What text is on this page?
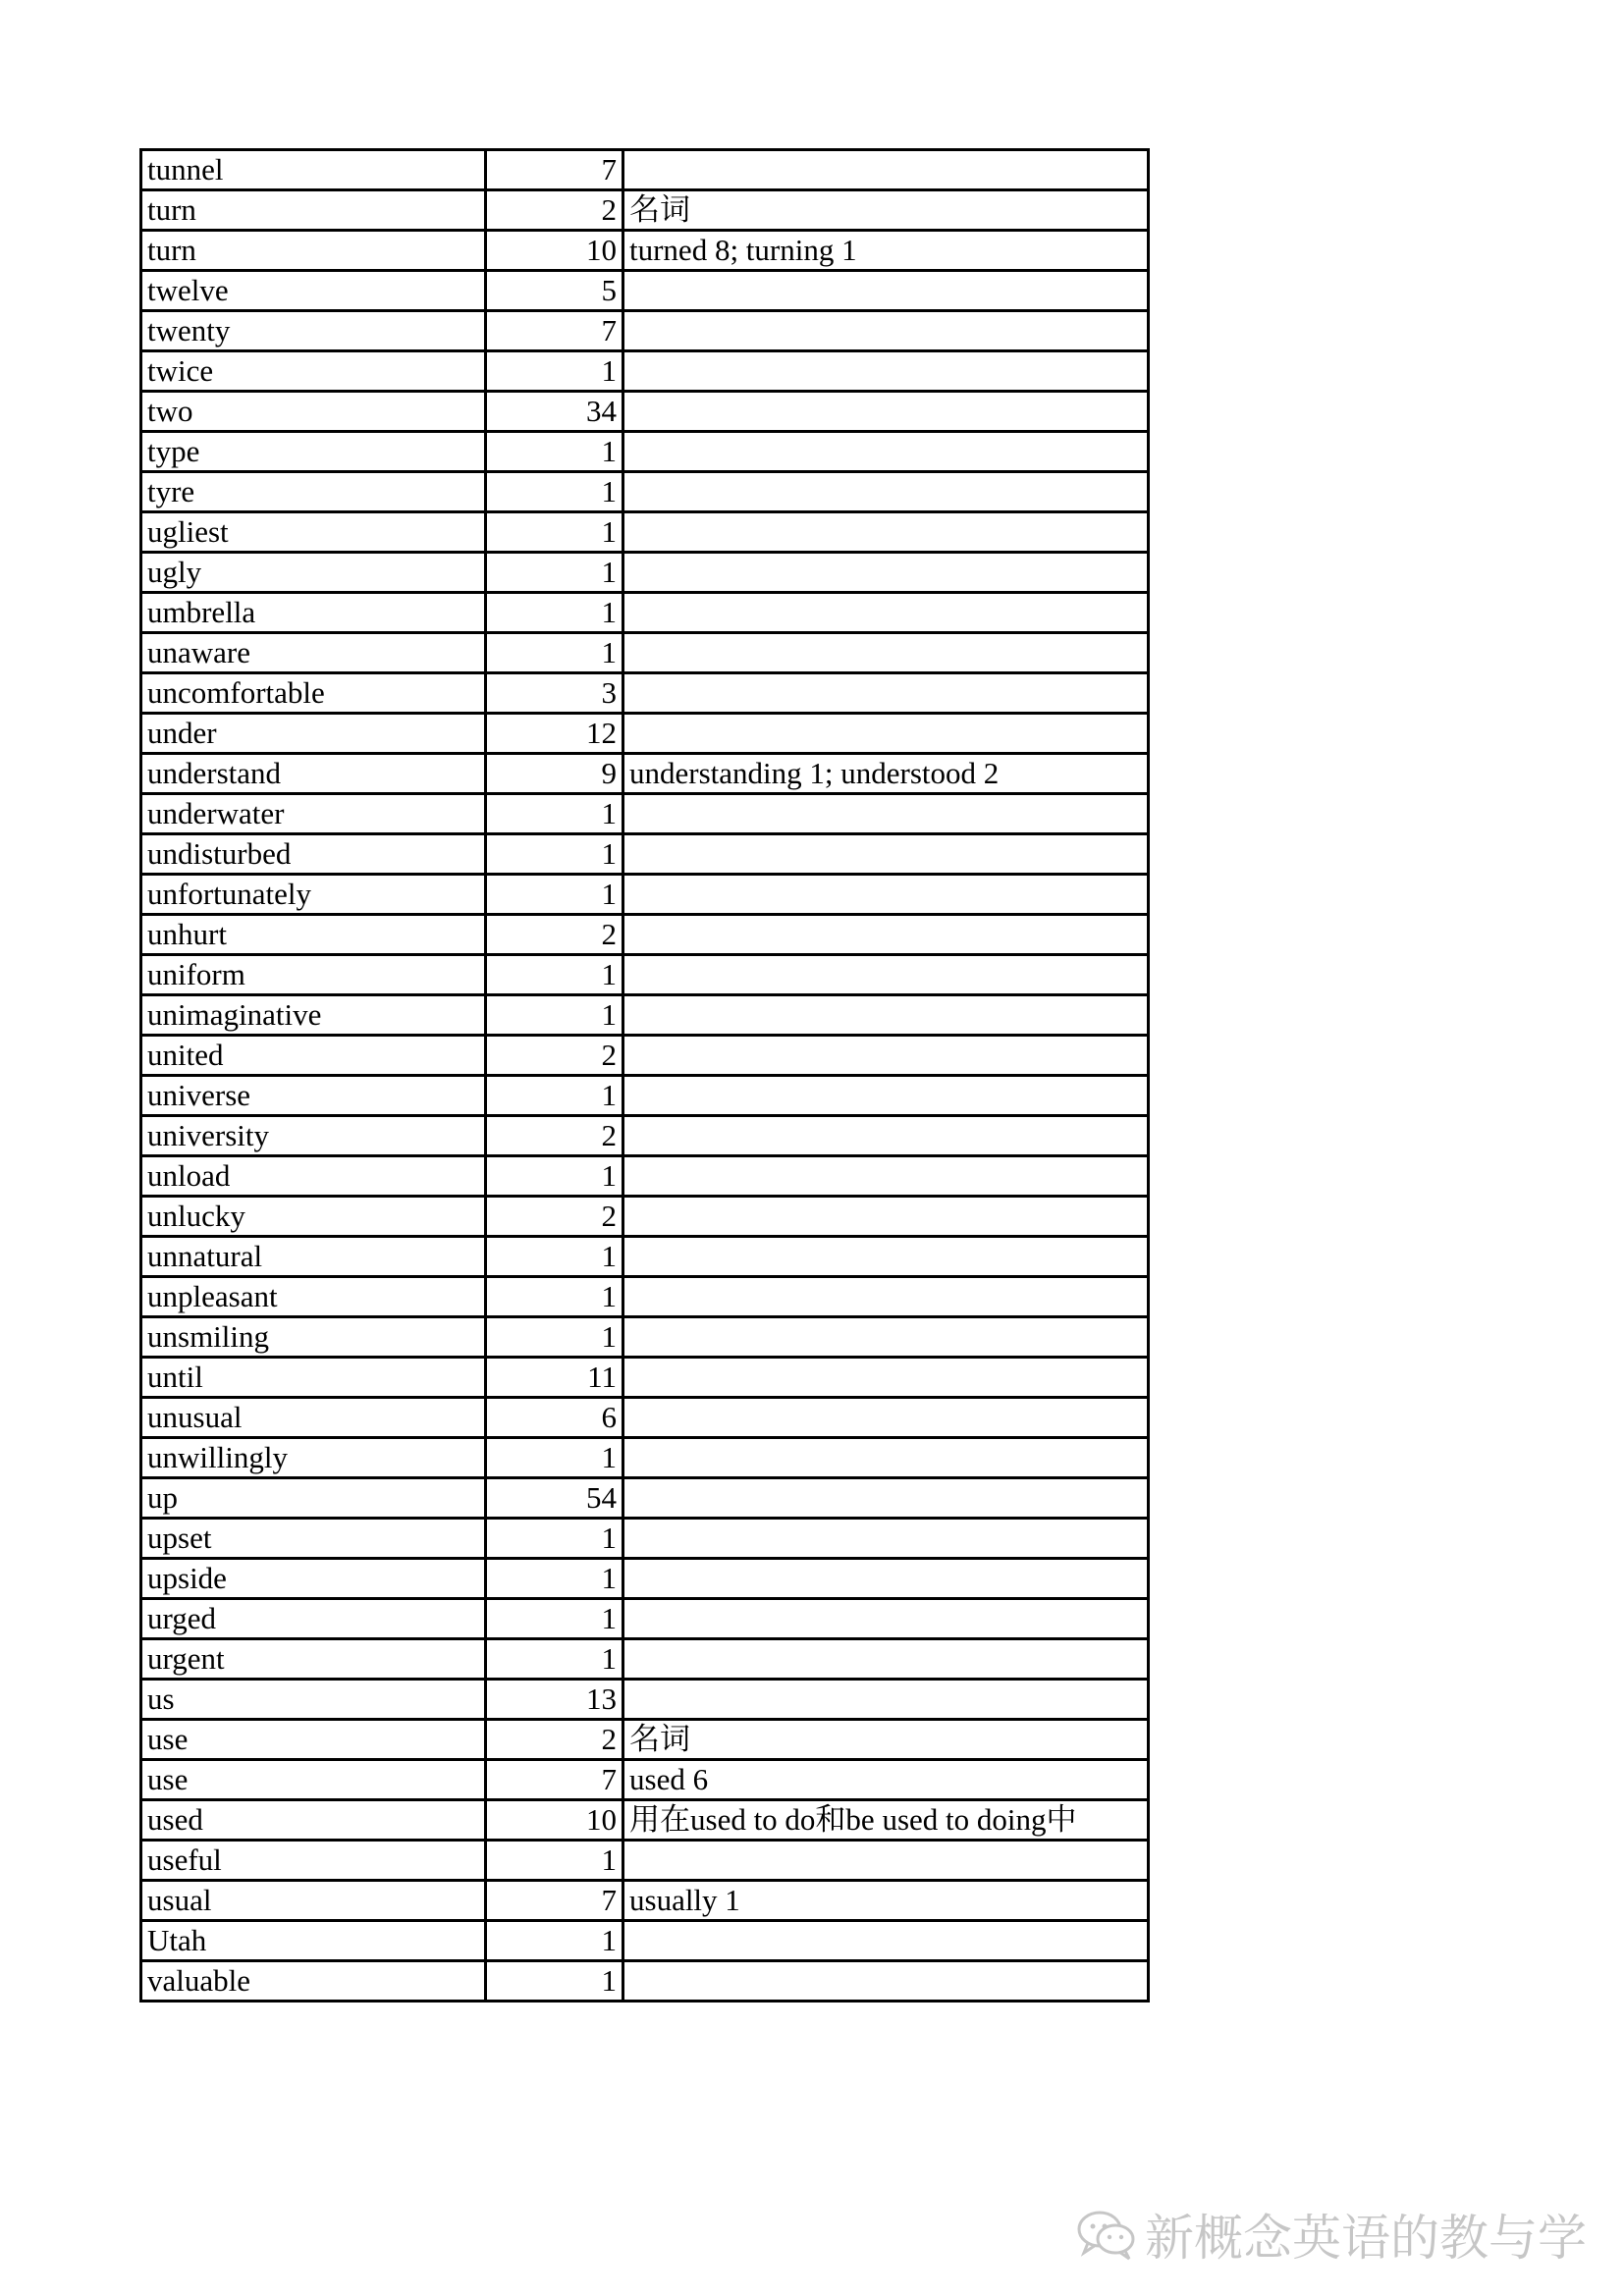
tunnel	7	
turn	2	名词
turn	10	turned 8; turning 1
twelve	5	
twenty	7	
twice	1	
two	34	
type	1	
tyre	1	
ugliest	1	
ugly	1	
umbrella	1	
unaware	1	
uncomfortable	3	
under	12	
understand	9	understanding 1; understood 2
underwater	1	
undisturbed	1	
unfortunately	1	
unhurt	2	
uniform	1	
unimaginative	1	
united	2	
universe	1	
university	2	
unload	1	
unlucky	2	
unnatural	1	
unpleasant	1	
unsmiling	1	
until	11	
unusual	6	
unwillingly	1	
up	54	
upset	1	
upside	1	
urged	1	
urgent	1	
us	13	
use	2	名词
use	7	used 6
used	10	用在used to do和be used to doing中
useful	1	
usual	7	usually 1
Utah	1	
valuable	1	
新概念英语的教与学
